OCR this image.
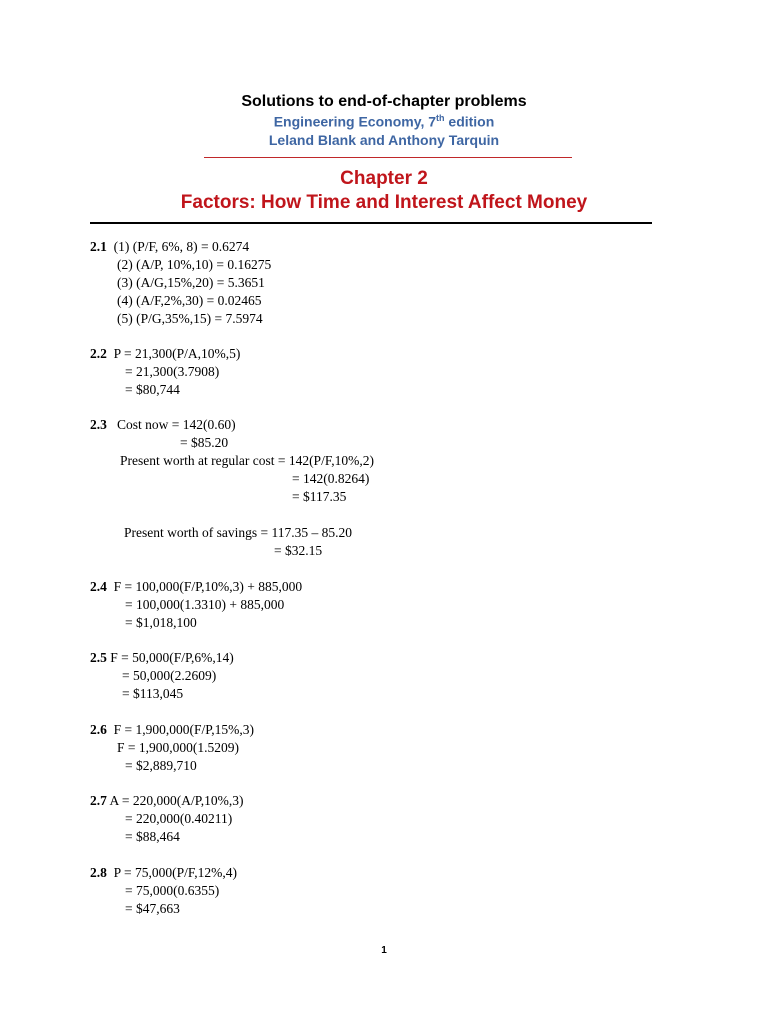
Solutions to end-of-chapter problems
Engineering Economy, 7th edition
Leland Blank and Anthony Tarquin
Chapter 2
Factors: How Time and Interest Affect Money
2.1 (1) (P/F, 6%, 8) = 0.6274
(2) (A/P, 10%,10) = 0.16275
(3) (A/G,15%,20) = 5.3651
(4) (A/F,2%,30) = 0.02465
(5) (P/G,35%,15) = 7.5974
2.2 P = 21,300(P/A,10%,5)
= 21,300(3.7908)
= $80,744
2.3 Cost now = 142(0.60)
= $85.20
Present worth at regular cost = 142(P/F,10%,2)
= 142(0.8264)
= $117.35
Present worth of savings = 117.35 – 85.20
= $32.15
2.4 F = 100,000(F/P,10%,3) + 885,000
= 100,000(1.3310) + 885,000
= $1,018,100
2.5 F = 50,000(F/P,6%,14)
= 50,000(2.2609)
= $113,045
2.6 F = 1,900,000(F/P,15%,3)
F = 1,900,000(1.5209)
= $2,889,710
2.7 A = 220,000(A/P,10%,3)
= 220,000(0.40211)
= $88,464
2.8 P = 75,000(P/F,12%,4)
= 75,000(0.6355)
= $47,663
1
